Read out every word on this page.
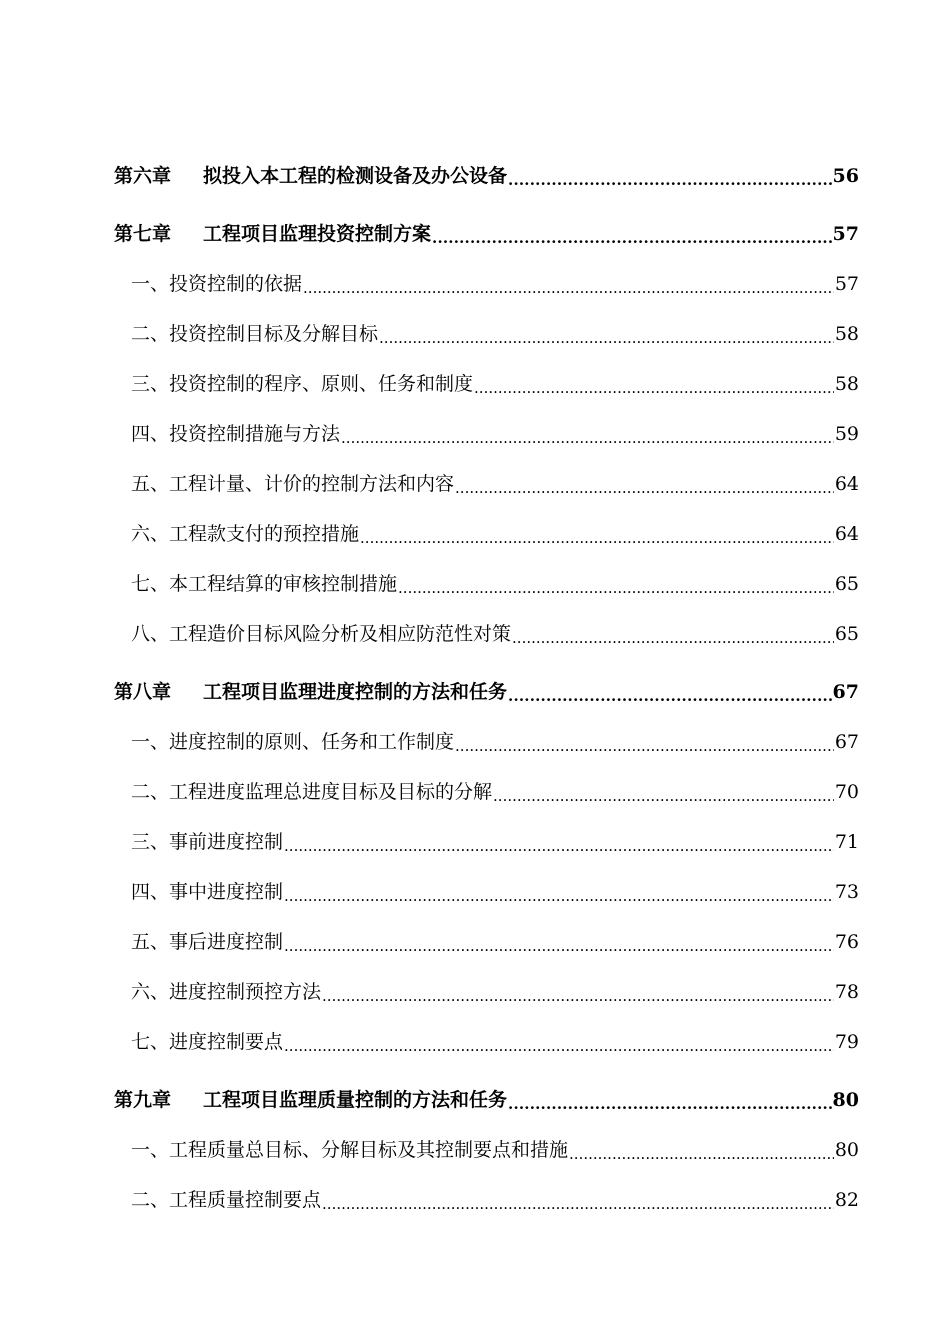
第六章	拟投入本工程的检测设备及办公设备 .....	56
第七章	工程项目监理投资控制方案 .....	57
一、 投资控制的依据 .....	57
二、 投资控制目标及分解目标 .....	58
三、 投资控制的程序、原则、任务和制度 .....	58
四、 投资控制措施与方法 .....	59
五、 工程计量、计价的控制方法和内容 .....	64
六、 工程款支付的预控措施 .....	64
七、 本工程结算的审核控制措施 .....	65
八、 工程造价目标风险分析及相应防范性对策 .....	65
第八章	工程项目监理进度控制的方法和任务 .....	67
一、 进度控制的原则、任务和工作制度 .....	67
二、 工程进度监理总进度目标及目标的分解 .....	70
三、 事前进度控制 .....	71
四、 事中进度控制 .....	73
五、 事后进度控制 .....	76
六、 进度控制预控方法 .....	78
七、 进度控制要点 .....	79
第九章	工程项目监理质量控制的方法和任务 .....	80
一、 工程质量总目标、分解目标及其控制要点和措施 .....	80
二、 工程质量控制要点 .....	82
